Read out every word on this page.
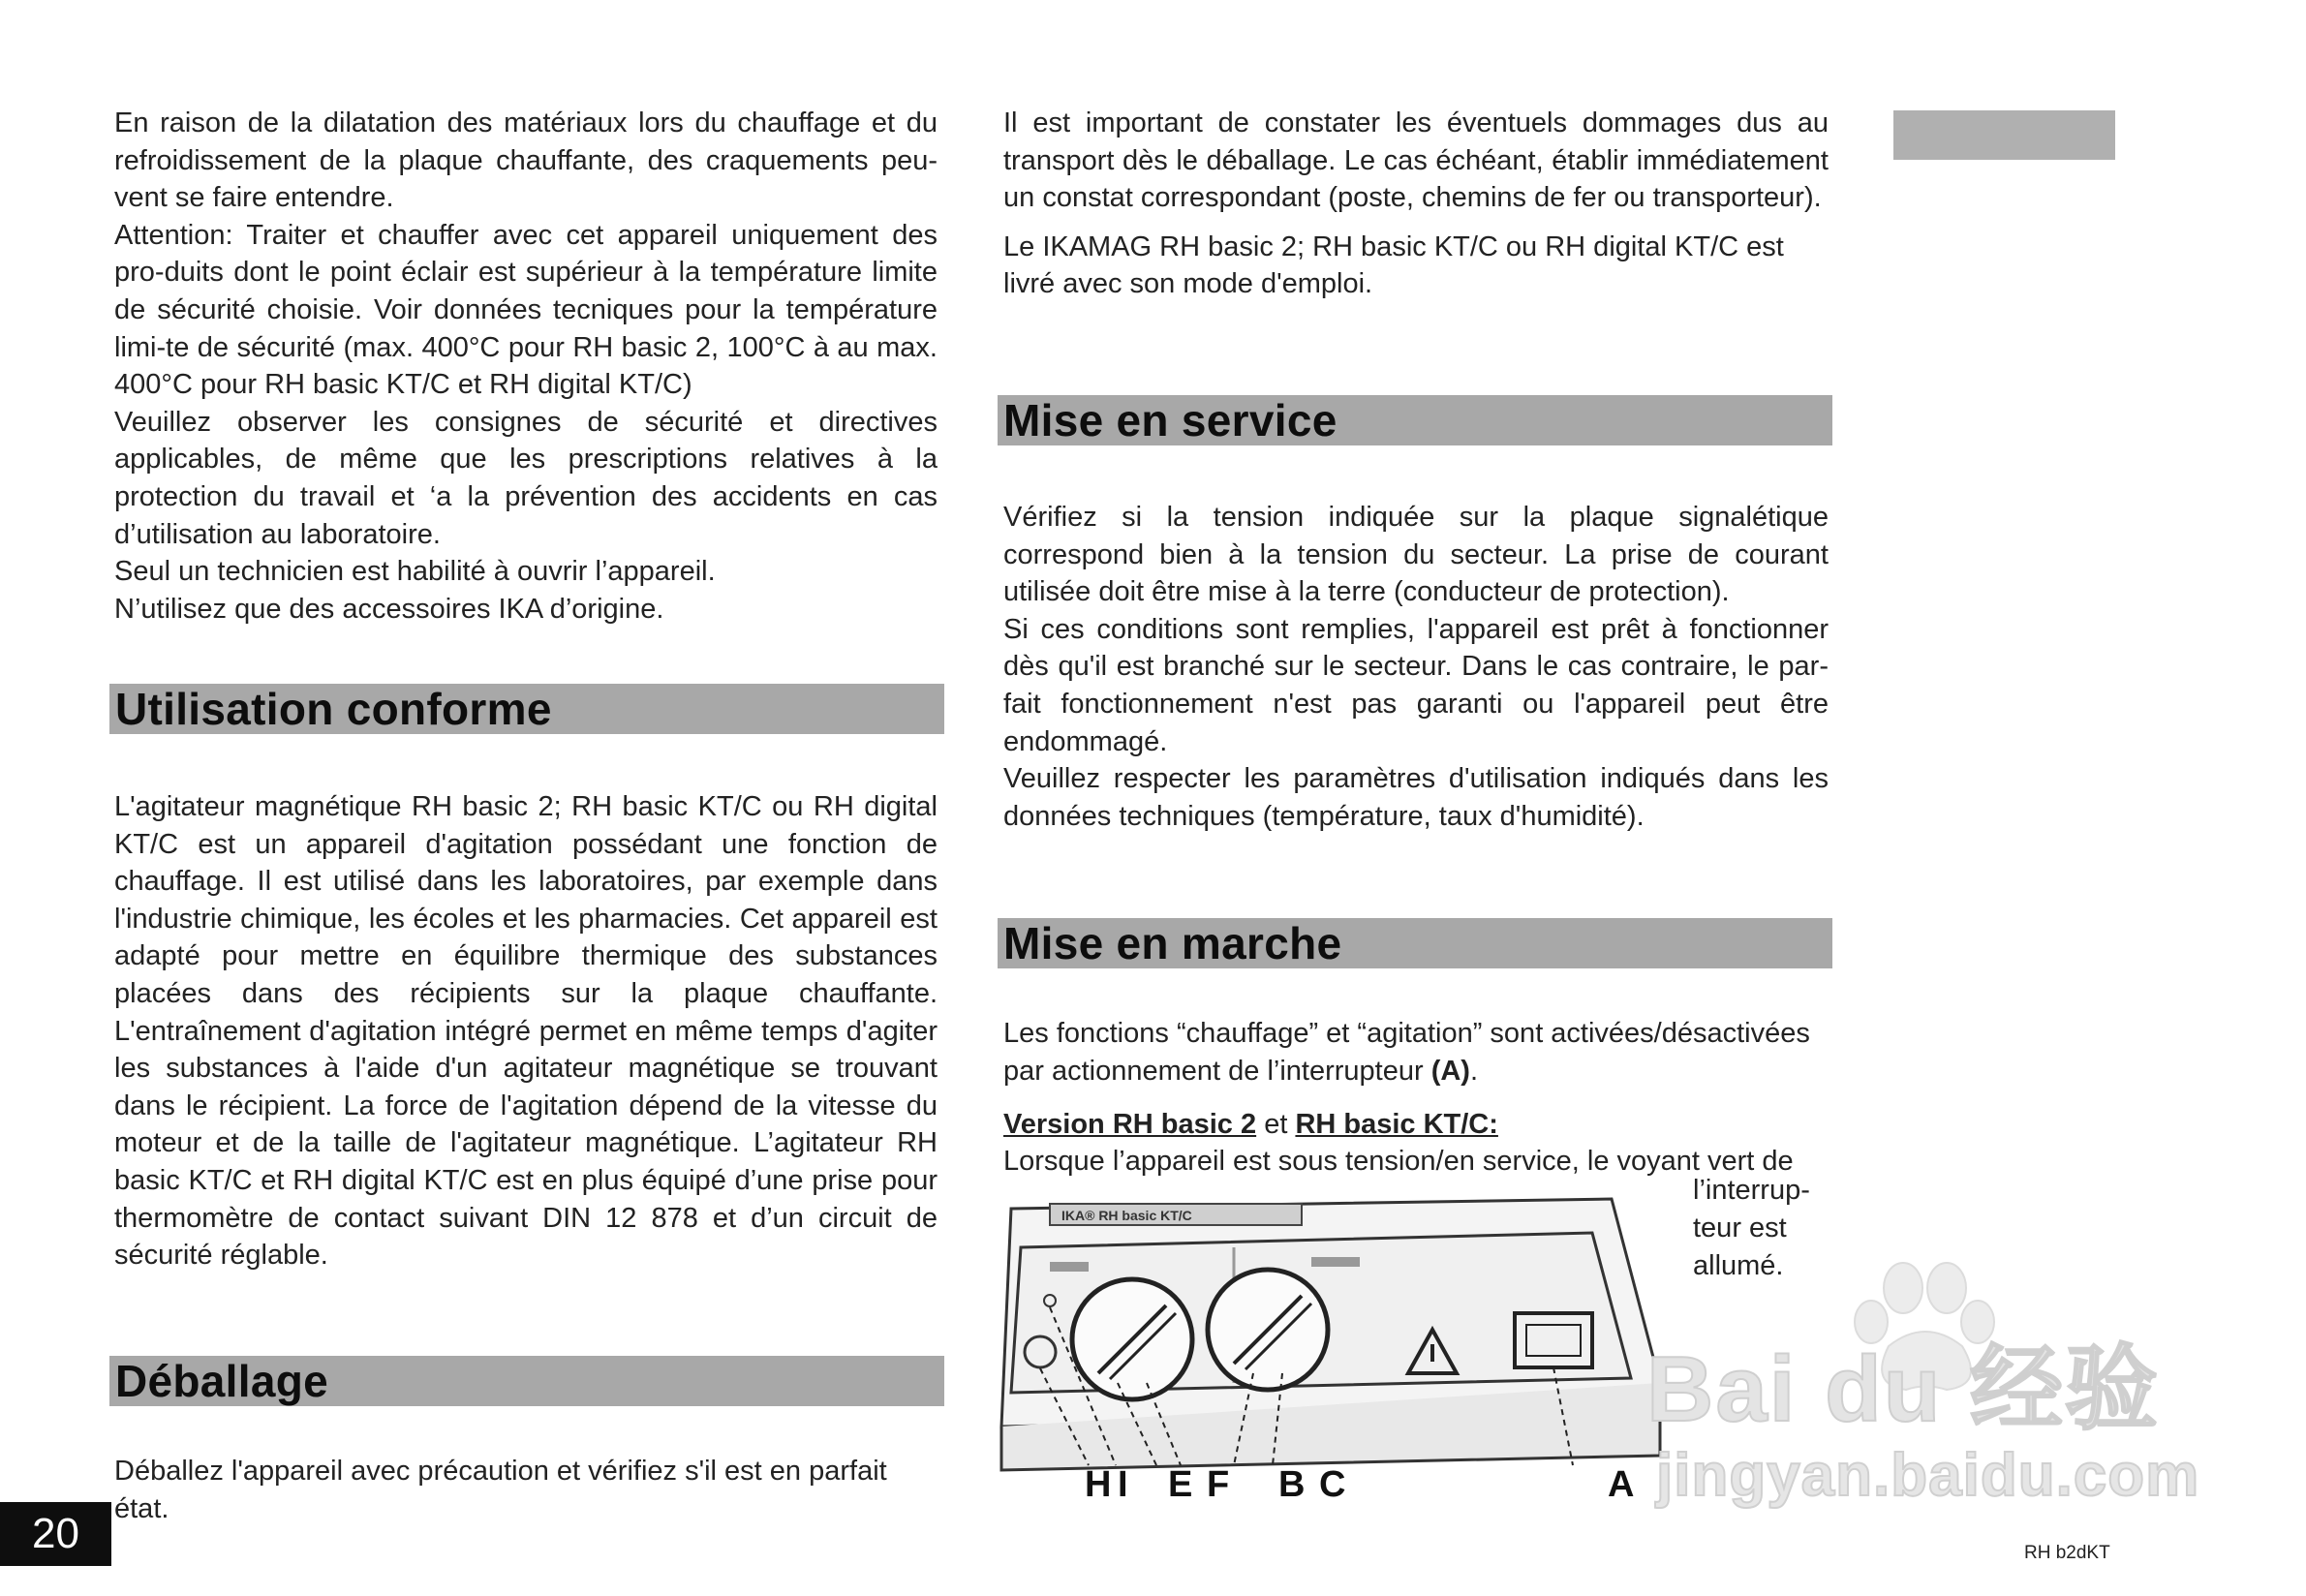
En raison de la dilatation des matériaux lors du chauffage et du refroidissement de la plaque chauffante, des craquements peu-vent se faire entendre.

Attention: Traiter et chauffer avec cet appareil uniquement des pro-duits dont le point éclair est supérieur à la température limite de sécurité choisie. Voir données tecniques pour la température limi-te de sécurité (max. 400°C pour RH basic 2, 100°C à au max. 400°C pour RH basic KT/C et RH digital KT/C)

Veuillez observer les consignes de sécurité et directives applicables, de même que les prescriptions relatives à la protection du travail et ‘a la prévention des accidents en cas d’utilisation au laboratoire.

Seul un technicien est habilité à ouvrir l’appareil.

N’utilisez que des accessoires IKA d’origine.

Utilisation conforme

L'agitateur magnétique RH basic 2; RH basic KT/C ou RH digital KT/C est un appareil d'agitation possédant une fonction de chauffage. Il est utilisé dans les laboratoires, par exemple dans l'industrie chimique, les écoles et les pharmacies. Cet appareil est adapté pour mettre en équilibre thermique des substances placées dans des récipients sur la plaque chauffante. L'entraînement d'agitation intégré permet en même temps d'agiter les substances à l'aide d'un agitateur magnétique se trouvant dans le récipient. La force de l'agitation dépend de la vitesse du moteur et de la taille de l'agitateur magnétique. L’agitateur RH basic KT/C et RH digital KT/C est en plus équipé d’une prise pour thermomètre de contact suivant DIN 12 878 et d’un circuit de sécurité réglable.

Déballage

Déballez l'appareil avec précaution et vérifiez s'il est en parfait état.

Il est important de constater les éventuels dommages dus au transport dès le déballage. Le cas échéant, établir immédiatement un constat correspondant (poste, chemins de fer ou transporteur).

Le IKAMAG RH basic 2; RH basic KT/C ou RH digital KT/C est livré avec son mode d'emploi.

Mise en service

Vérifiez si la tension indiquée sur la plaque signalétique correspond bien à la tension du secteur. La prise de courant utilisée doit être mise à la terre (conducteur de protection).

Si ces conditions sont remplies, l'appareil est prêt à fonctionner dès qu'il est branché sur le secteur. Dans le cas contraire, le par-fait fonctionnement n'est pas garanti ou l'appareil peut être endommagé.

Veuillez respecter les paramètres d'utilisation indiqués dans les données techniques (température, taux d'humidité).

Mise en marche

Les fonctions “chauffage” et “agitation” sont activées/désactivées par actionnement de l’interrupteur (A).

Version RH basic 2 et RH basic KT/C:

Lorsque l’appareil est sous tension/en service, le voyant vert de

l’interrup-
teur est
allumé.
IKA® RH basic KT/C
H I E F B C	A
Bai du 经验
jingyan.baidu.com
20	RH b2dKT
